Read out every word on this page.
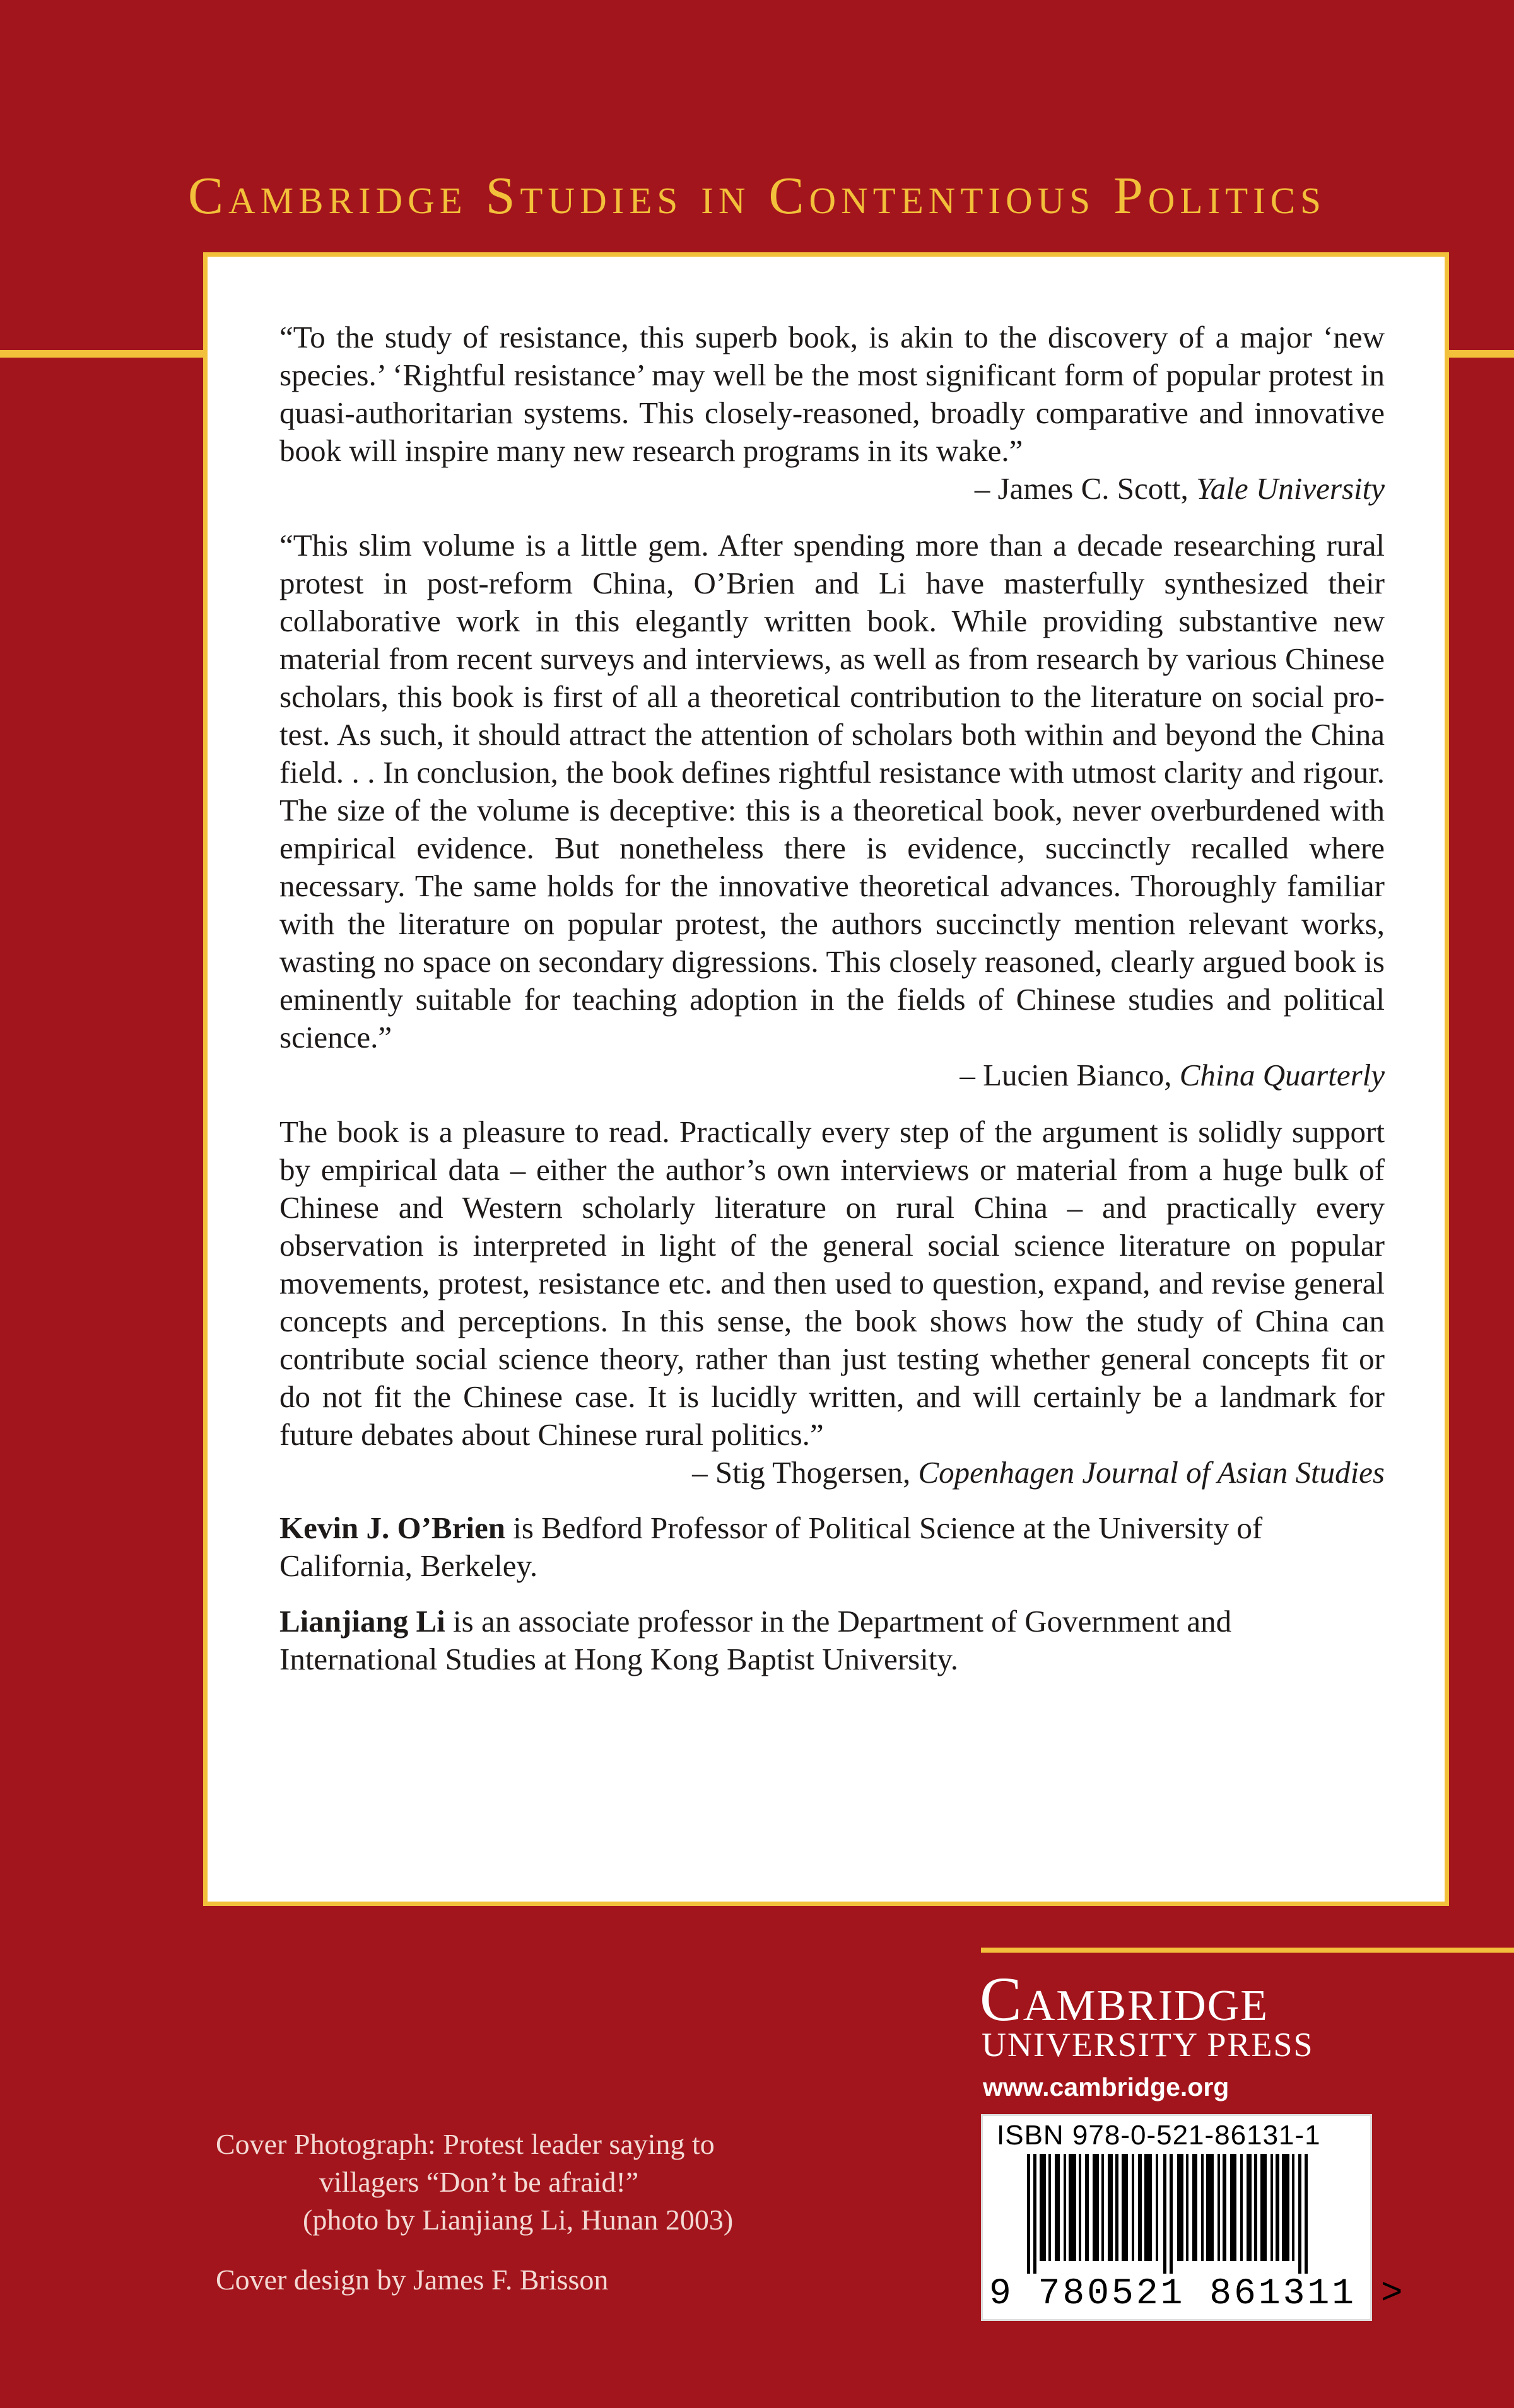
Cambridge Studies in Contentious Politics

“To the study of resistance, this superb book, is akin to the discovery of a major ‘new species.’ ‘Rightful resistance’ may well be the most significant form of popular protest in quasi-authoritarian systems. This closely-reasoned, broadly comparative and innovative book will inspire many new research programs in its wake.”

– James C. Scott, Yale University

“This slim volume is a little gem. After spending more than a decade researching rural protest in post-reform China, O’Brien and Li have masterfully synthesized their collaborative work in this elegantly written book. While providing substantive new material from recent surveys and interviews, as well as from research by various Chinese scholars, this book is first of all a theoretical contribution to the literature on social protest. As such, it should attract the attention of scholars both within and beyond the China field. . . In conclusion, the book defines rightful resistance with utmost clarity and rigour. The size of the volume is deceptive: this is a theoretical book, never overburdened with empirical evidence. But nonetheless there is evidence, succinctly recalled where necessary. The same holds for the innovative theoretical advances. Thoroughly familiar with the literature on popular protest, the authors succinctly mention relevant works, wasting no space on secondary digressions. This closely reasoned, clearly argued book is eminently suitable for teaching adoption in the fields of Chinese studies and political science.”

– Lucien Bianco, China Quarterly

The book is a pleasure to read. Practically every step of the argument is solidly support by empirical data – either the author’s own interviews or material from a huge bulk of Chinese and Western scholarly literature on rural China – and practically every observation is interpreted in light of the general social science literature on popular movements, protest, resistance etc. and then used to question, expand, and revise general concepts and perceptions. In this sense, the book shows how the study of China can contribute social science theory, rather than just testing whether general concepts fit or do not fit the Chinese case. It is lucidly written, and will certainly be a landmark for future debates about Chinese rural politics.”

– Stig Thogersen, Copenhagen Journal of Asian Studies

Kevin J. O’Brien is Bedford Professor of Political Science at the University of California, Berkeley.

Lianjiang Li is an associate professor in the Department of Government and International Studies at Hong Kong Baptist University.

Cambridge
UNIVERSITY PRESS
www.cambridge.org
Cover Photograph: Protest leader saying to
villagers “Don’t be afraid!”
(photo by Lianjiang Li, Hunan 2003)
Cover design by James F. Brisson
ISBN 978-0-521-86131-1
9 780521 861311 >
